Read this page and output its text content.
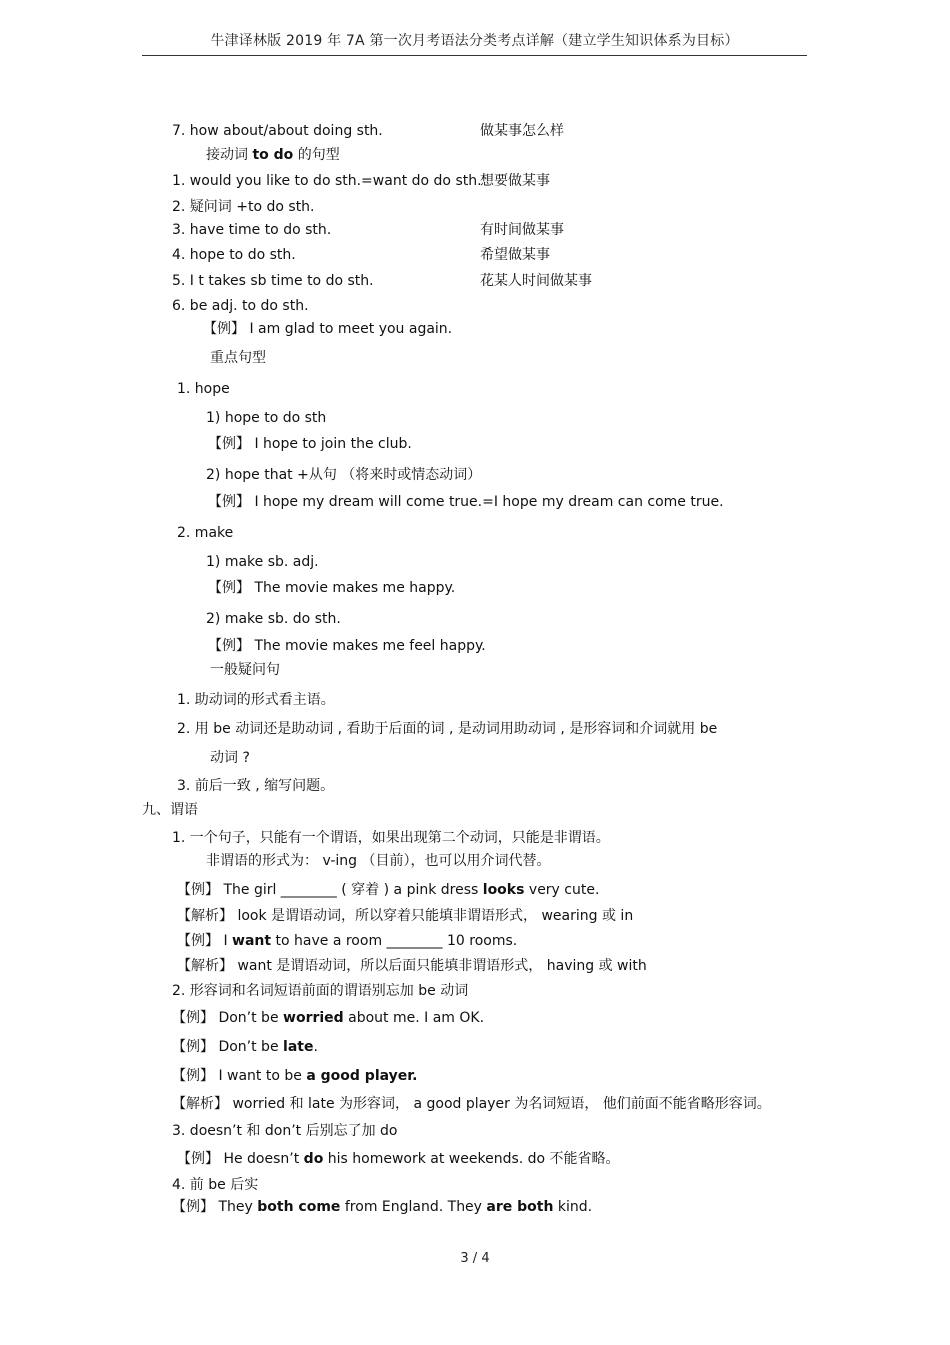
牛津译林版 2019 年 7A 第一次月考语法分类考点详解（建立学生知识体系为目标）
7. how about/about doing sth.
接动词 to do 的句型
1. would you like to do sth.=want do do sth.
2. 疑问词 +to do sth.
3. have time to do sth.
4. hope to do sth.
5. I t takes sb time to do sth.
6. be adj. to do sth.
【例】 I am glad to meet you again.
重点句型
1. hope
1) hope to do sth
【例】 I hope to join the club.
2) hope that +从句 （将来时或情态动词）
【例】 I hope my dream will come true.=I hope my dream can come true.
2. make
1) make sb. adj.
【例】 The movie makes me happy.
2) make sb. do sth.
【例】 The movie makes me feel happy.
一般疑问句
1. 助动词的形式看主语。
2. 用 be 动词还是助动词 , 看助于后面的词 , 是动词用助动词 , 是形容词和介词就用 be
动词 ?
3. 前后一致 , 缩写问题。
九、谓语
1. 一个句子，只能有一个谓语，如果出现第二个动词，只能是非谓语。
非谓语的形式为： v-ing （目前），也可以用介词代替。
【例】 The girl ________ ( 穿着 ) a pink dress looks very cute.
【解析】 look 是谓语动词，所以穿着只能填非谓语形式， wearing 或 in
【例】 I want to have a room ________ 10 rooms.
【解析】 want 是谓语动词，所以后面只能填非谓语形式， having 或 with
2. 形容词和名词短语前面的谓语别忘加 be 动词
【例】 Don’t be worried about me. I am OK.
【例】 Don’t be late.
【例】 I want to be a good player.
【解析】 worried 和 late 为形容词， a good player 为名词短语， 他们前面不能省略形容词。
3. doesn’t 和 don’t 后别忘了加 do
【例】 He doesn’t do his homework at weekends. do 不能省略。
4. 前 be 后实
【例】 They both come from England. They are both kind.
做某事怎么样
想要做某事
有时间做某事
希望做某事
花某人时间做某事
3 / 4
